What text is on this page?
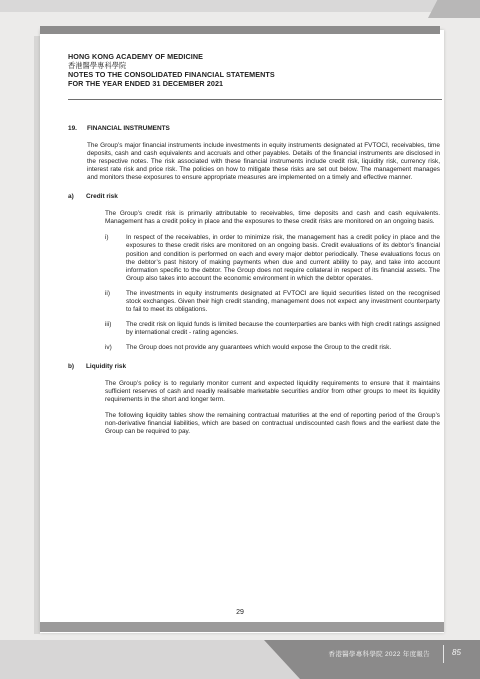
HONG KONG ACADEMY OF MEDICINE
香港醫學專科學院
NOTES TO THE CONSOLIDATED FINANCIAL STATEMENTS
FOR THE YEAR ENDED 31 DECEMBER 2021
19. FINANCIAL INSTRUMENTS

The Group’s major financial instruments include investments in equity instruments designated at FVTOCI, receivables, time deposits, cash and cash equivalents and accruals and other payables. Details of the financial instruments are disclosed in the respective notes. The risk associated with these financial instruments include credit risk, liquidity risk, currency risk, interest rate risk and price risk. The policies on how to mitigate these risks are set out below. The management manages and monitors these exposures to ensure appropriate measures are implemented on a timely and effective manner.

a) Credit risk

The Group’s credit risk is primarily attributable to receivables, time deposits and cash and cash equivalents. Management has a credit policy in place and the exposures to these credit risks are monitored on an ongoing basis.

i)	In respect of the receivables, in order to minimize risk, the management has a credit policy in place and the exposures to these credit risks are monitored on an ongoing basis. Credit evaluations of its debtor’s financial position and condition is performed on each and every major debtor periodically. These evaluations focus on the debtor’s past history of making payments when due and current ability to pay, and take into account information specific to the debtor. The Group does not require collateral in respect of its financial assets. The Group also takes into account the economic environment in which the debtor operates.

ii)	The investments in equity instruments designated at FVTOCI are liquid securities listed on the recognised stock exchanges. Given their high credit standing, management does not expect any investment counterparty to fail to meet its obligations.

iii)	The credit risk on liquid funds is limited because the counterparties are banks with high credit ratings assigned by international credit - rating agencies.

iv)	The Group does not provide any guarantees which would expose the Group to the credit risk.

b) Liquidity risk

The Group’s policy is to regularly monitor current and expected liquidity requirements to ensure that it maintains sufficient reserves of cash and readily realisable marketable securities and/or from other groups to meet its liquidity requirements in the short and longer term.

The following liquidity tables show the remaining contractual maturities at the end of reporting period of the Group’s non-derivative financial liabilities, which are based on contractual undiscounted cash flows and the earliest date the Group can be required to pay.

29
香港醫學專科學院 2022 年度報告	85
